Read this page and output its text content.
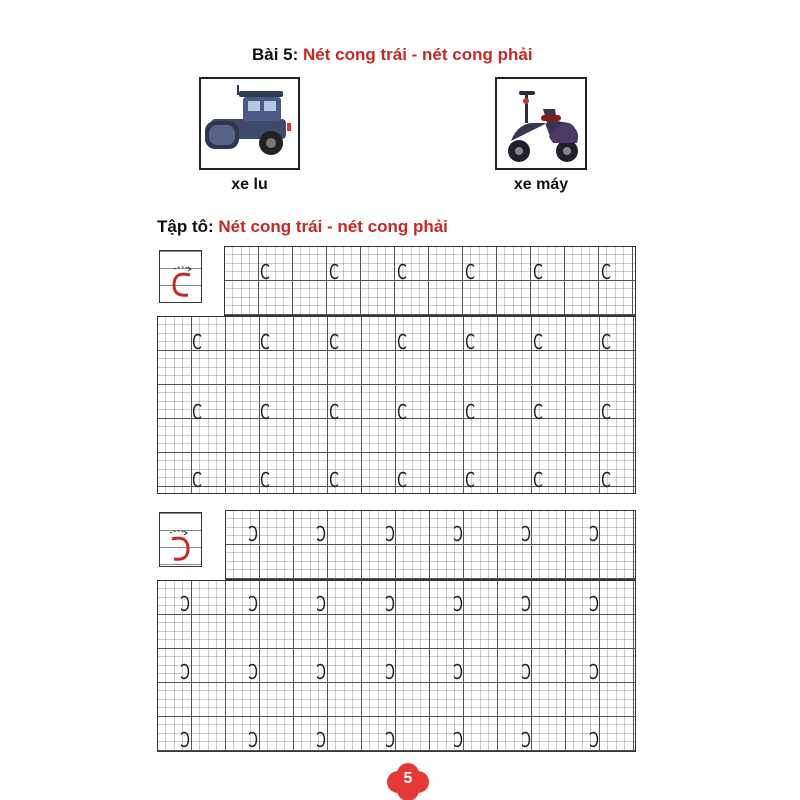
Bài 5: Nét cong trái - nét cong phải
xe lu	xe máy
Tập tô: Nét cong trái - nét cong phải
C	C	C	C	C	C
C	C	C	C	C	C	C
C	C	C	C	C	C	C
C	C	C	C	C	C	C
Ɔ	Ɔ	Ɔ	Ɔ	Ɔ	Ɔ
Ɔ	Ɔ	Ɔ	Ɔ	Ɔ	Ɔ	Ɔ
Ɔ	Ɔ	Ɔ	Ɔ	Ɔ	Ɔ	Ɔ
Ɔ	Ɔ	Ɔ	Ɔ	Ɔ	Ɔ	Ɔ
5
